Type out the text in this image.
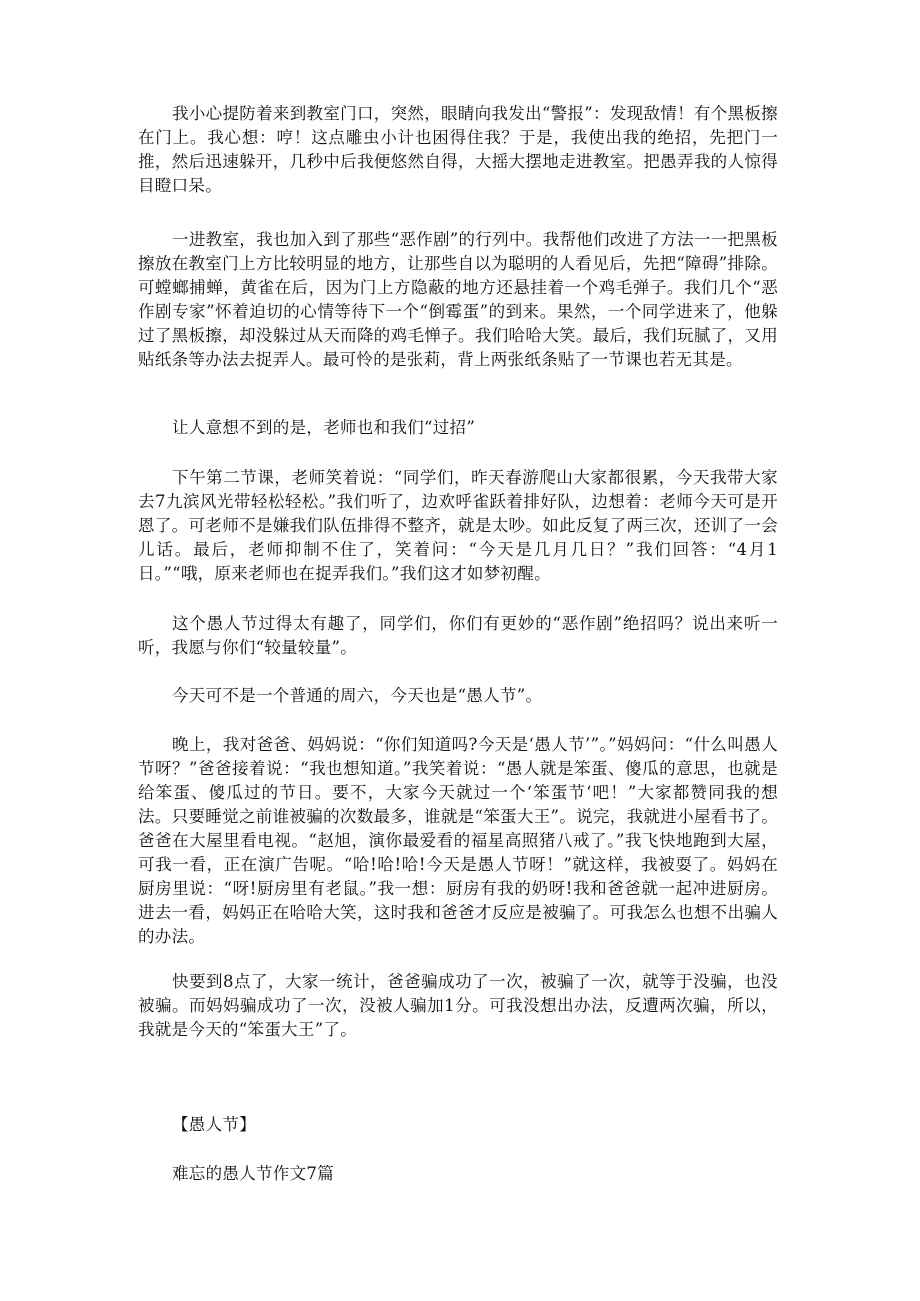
我小心提防着来到教室门口，突然，眼睛向我发出“警报”：发现敌情！有个黑板擦在门上。我心想：哼！这点雕虫小计也困得住我？于是，我使出我的绝招，先把门一推，然后迅速躲开，几秒中后我便悠然自得，大摇大摆地走进教室。把愚弄我的人惊得目瞪口呆。

一进教室，我也加入到了那些“恶作剧”的行列中。我帮他们改进了方法一一把黑板擦放在教室门上方比较明显的地方，让那些自以为聪明的人看见后，先把“障碍”排除。可螳螂捕蝉，黄雀在后，因为门上方隐蔽的地方还悬挂着一个鸡毛弹子。我们几个“恶作剧专家”怀着迫切的心情等待下一个“倒霉蛋”的到来。果然，一个同学进来了，他躲过了黑板擦，却没躲过从天而降的鸡毛惮子。我们哈哈大笑。最后，我们玩腻了，又用贴纸条等办法去捉弄人。最可怜的是张莉，背上两张纸条贴了一节课也若无其是。

让人意想不到的是，老师也和我们“过招”

下午第二节课，老师笑着说：“同学们，昨天春游爬山大家都很累，今天我带大家去7九滨风光带轻松轻松。”我们听了，边欢呼雀跃着排好队，边想着：老师今天可是开恩了。可老师不是嫌我们队伍排得不整齐，就是太吵。如此反复了两三次，还训了一会儿话。最后，老师抑制不住了，笑着问：“今天是几月几日？”我们回答：“4月1日。”“哦，原来老师也在捉弄我们。”我们这才如梦初醒。

这个愚人节过得太有趣了，同学们，你们有更妙的“恶作剧”绝招吗？说出来听一听，我愿与你们“较量较量”。

今天可不是一个普通的周六，今天也是“愚人节”。

晚上，我对爸爸、妈妈说：“你们知道吗?今天是‘愚人节’”。”妈妈问：“什么叫愚人节呀？”爸爸接着说：“我也想知道。”我笑着说：“愚人就是笨蛋、傻瓜的意思，也就是给笨蛋、傻瓜过的节日。要不，大家今天就过一个‘笨蛋节‘吧！”大家都赞同我的想法。只要睡觉之前谁被骗的次数最多，谁就是“笨蛋大王”。说完，我就进小屋看书了。爸爸在大屋里看电视。“赵旭，演你最爱看的福星高照猪八戒了。”我飞快地跑到大屋，可我一看，正在演广告呢。“哈!哈!哈!今天是愚人节呀！”就这样，我被耍了。妈妈在厨房里说：“呀!厨房里有老鼠。”我一想：厨房有我的奶呀!我和爸爸就一起冲进厨房。进去一看，妈妈正在哈哈大笑，这时我和爸爸才反应是被骗了。可我怎么也想不出骗人的办法。

快要到8点了，大家一统计，爸爸骗成功了一次，被骗了一次，就等于没骗，也没被骗。而妈妈骗成功了一次，没被人骗加1分。可我没想出办法，反遭两次骗，所以，我就是今天的“笨蛋大王”了。

【愚人节】

难忘的愚人节作文7篇
